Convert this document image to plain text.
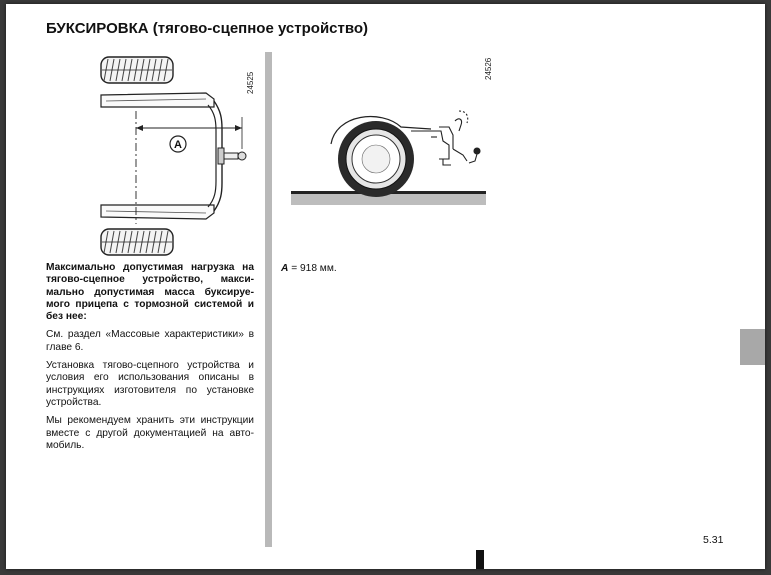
БУКСИРОВКА (тягово-сцепное устройство)
A
24525
24526

Максимально допустимая нагрузка на тягово-сцепное устройство, макси-мально допустимая масса буксируе-мого прицепа с тормозной системой и без нее:

См. раздел «Массовые характеристики» в главе 6.

Установка тягово-сцепного устройства и условия его использования описаны в инструкциях изготовителя по установке устройства.

Мы рекомендуем хранить эти инструкции вместе с другой документацией на авто-мобиль.

A = 918 мм.
5.31
